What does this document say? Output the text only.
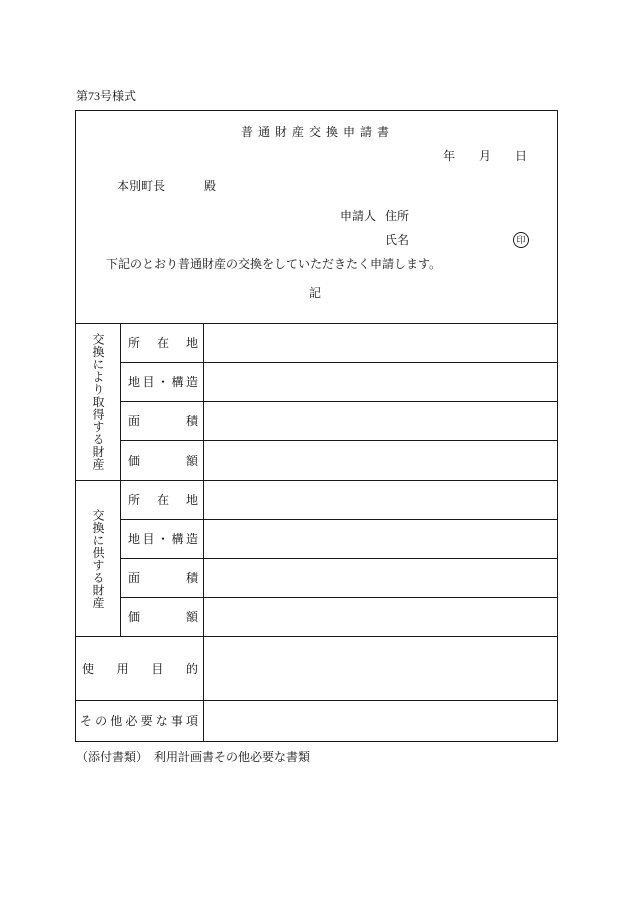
第73号様式
普通財産交換申請書
年 月 日
本別町長	殿
申請人 住所
氏名	印
下記のとおり普通財産の交換をしていただきたく申請します。
記
交換により取得する財産 所 在 地
地 目 ・ 構 造
面	積
価	額
交換に供する財産
所 在 地
地 目 ・ 構 造
面	積
価	額
使 用 目 的
そ の 他 必 要 な 事 項
（添付書類）　利用計画書その他必要な書類
